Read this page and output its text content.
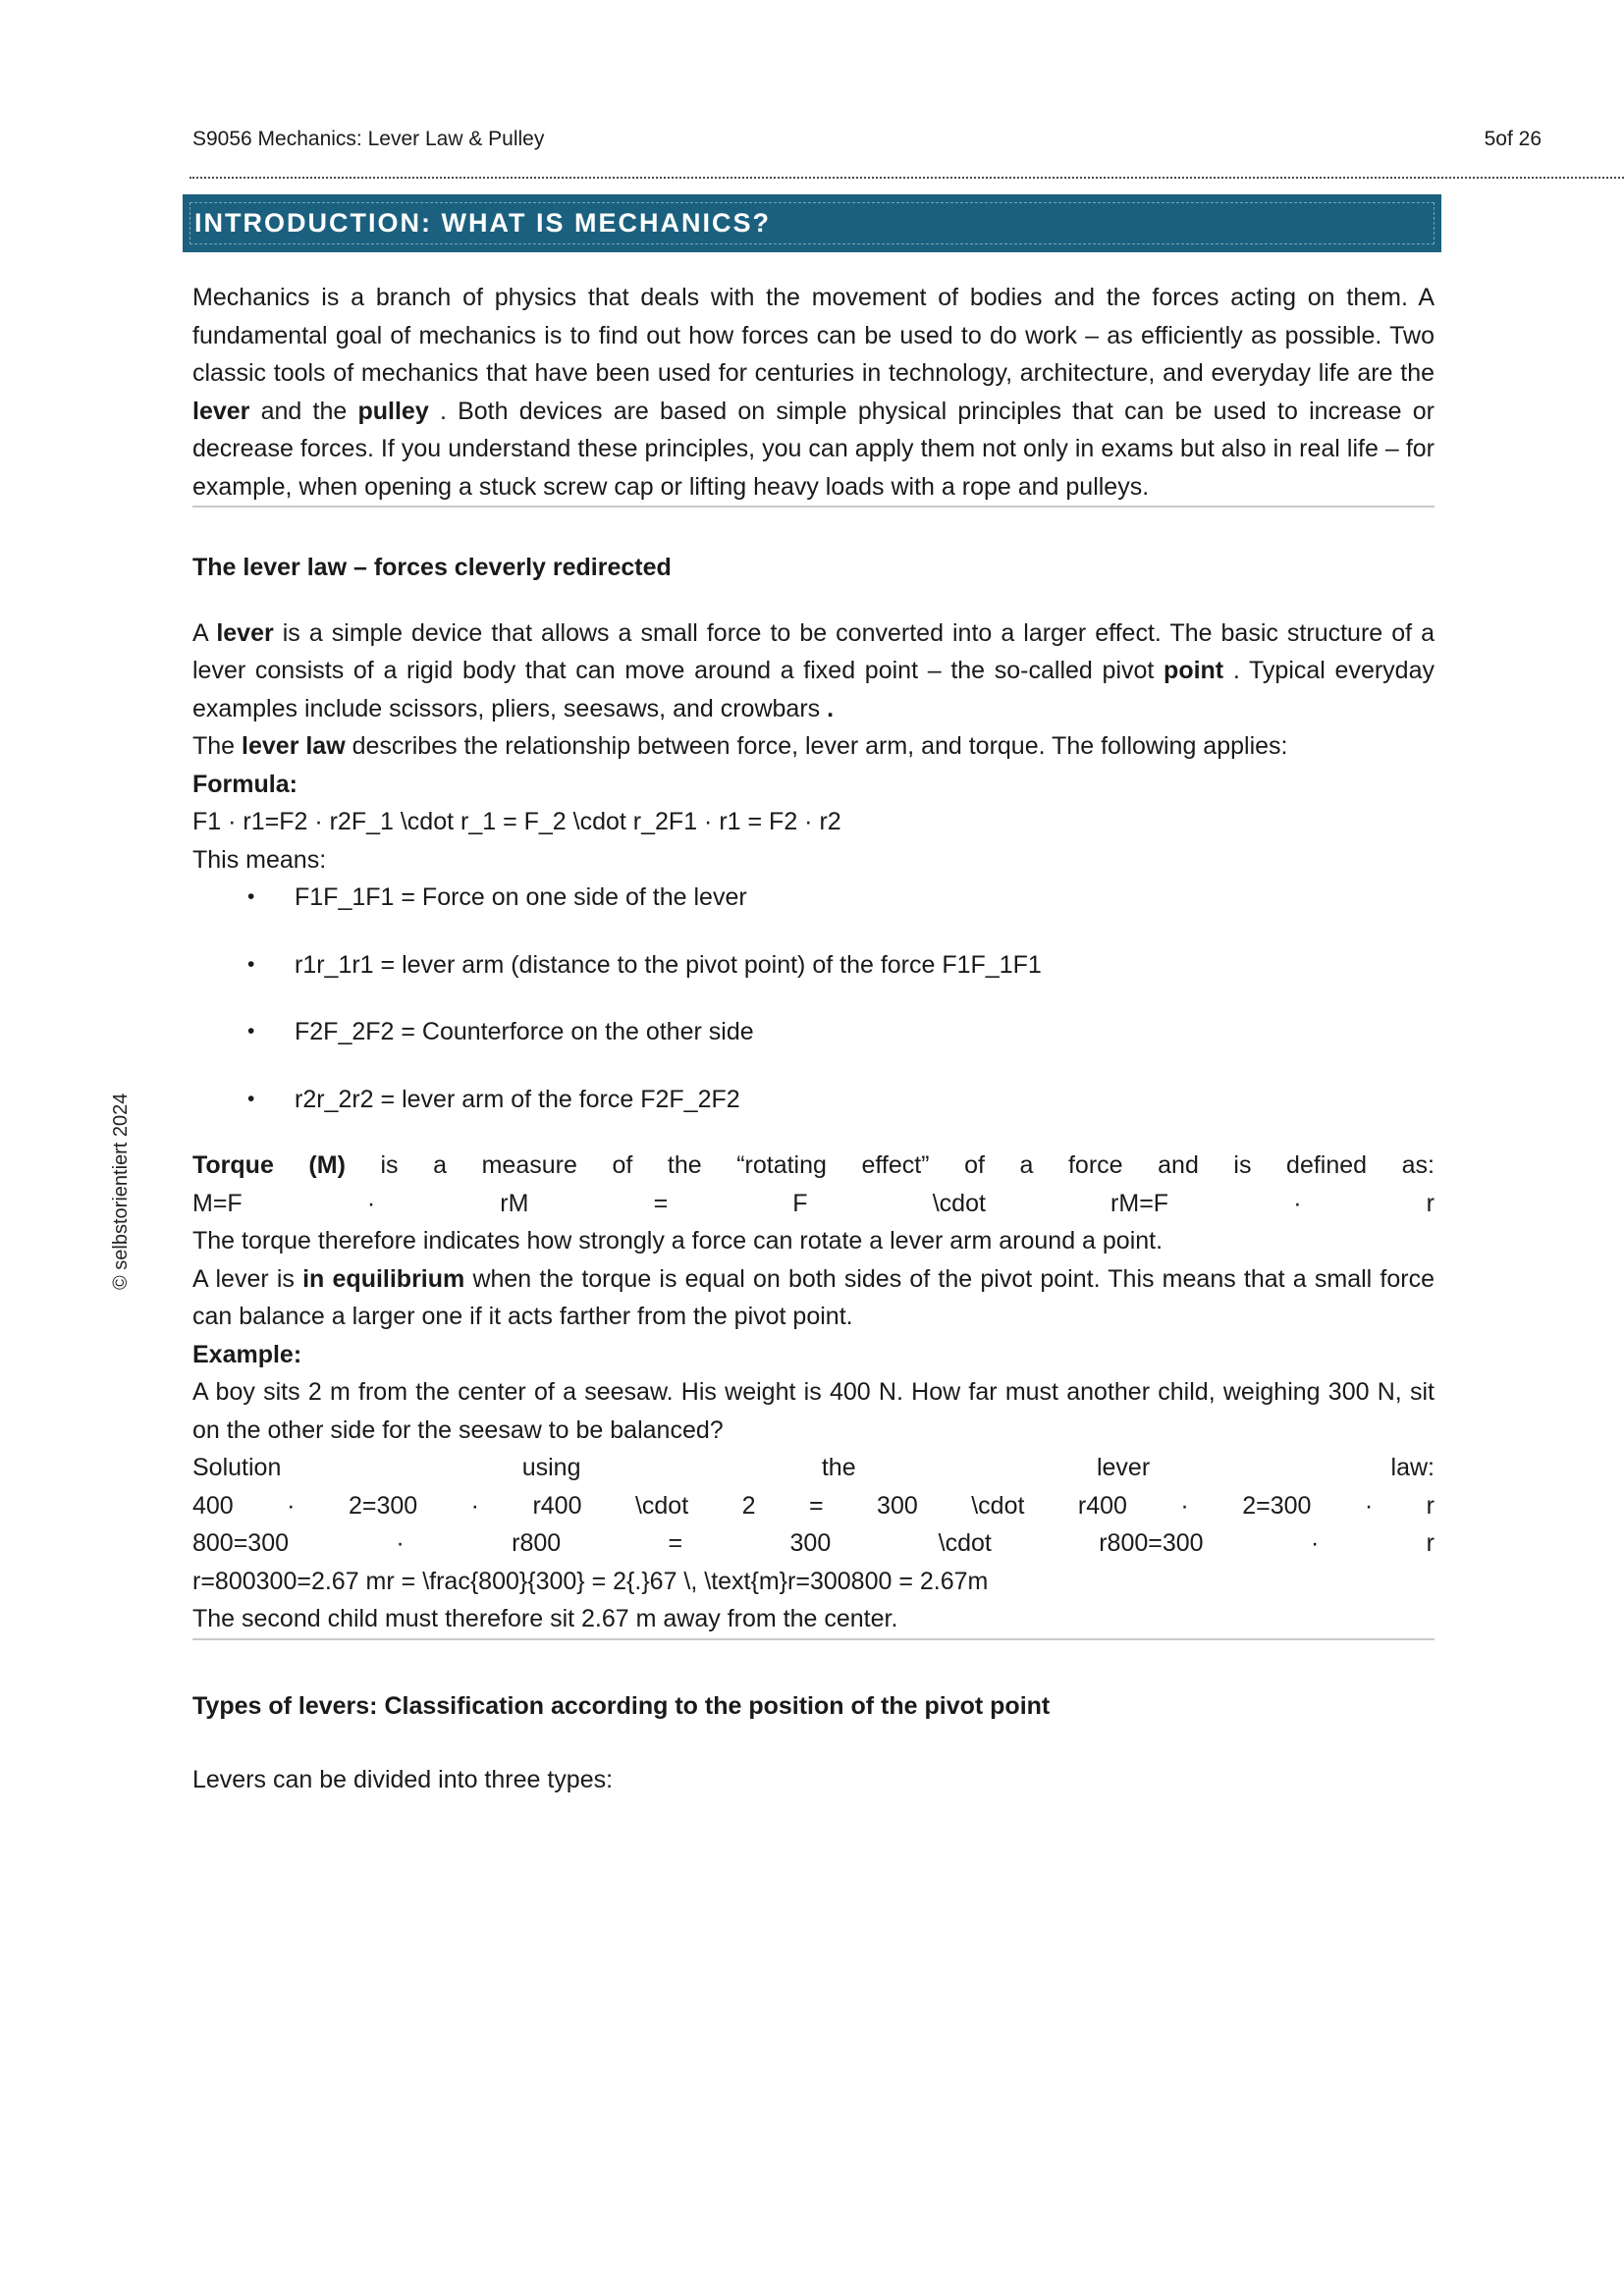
© selbstorientiert 2024
S9056 Mechanics: Lever Law & Pulley	5of 26
INTRODUCTION: WHAT IS MECHANICS?

Mechanics is a branch of physics that deals with the movement of bodies and the forces acting on them. A fundamental goal of mechanics is to find out how forces can be used to do work – as efficiently as possible. Two classic tools of mechanics that have been used for centuries in technology, architecture, and everyday life are the lever and the pulley . Both devices are based on simple physical principles that can be used to increase or decrease forces. If you understand these principles, you can apply them not only in exams but also in real life – for example, when opening a stuck screw cap or lifting heavy loads with a rope and pulleys.

The lever law – forces cleverly redirected

A lever is a simple device that allows a small force to be converted into a larger effect. The basic structure of a lever consists of a rigid body that can move around a fixed point – the so-called pivot point . Typical everyday examples include scissors, pliers, seesaws, and crowbars .

The lever law describes the relationship between force, lever arm, and torque. The following applies:

Formula:
F1 · r1=F2 · r2F_1 \cdot r_1 = F_2 \cdot r_2F1 · r1 = F2 · r2

This means:

• F1F_1F1 = Force on one side of the lever
• r1r_1r1 = lever arm (distance to the pivot point) of the force F1F_1F1
• F2F_2F2 = Counterforce on the other side
• r2r_2r2 = lever arm of the force F2F_2F2
Torque (M) is a measure of the “rotating effect” of a force and is defined as:
M=F · rM = F \cdot rM=F · r
The torque therefore indicates how strongly a force can rotate a lever arm around a point.

A lever is in equilibrium when the torque is equal on both sides of the pivot point. This means that a small force can balance a larger one if it acts farther from the pivot point.

Example:
A boy sits 2 m from the center of a seesaw. His weight is 400 N. How far must another child, weighing 300 N, sit on the other side for the seesaw to be balanced?
Solution using the lever law:
400 · 2=300 · r400 \cdot 2 = 300 \cdot r400 · 2=300 · r
800=300 · r800 = 300 \cdot r800=300 · r
r=800300=2.67 mr = \frac{800}{300} = 2{.}67 \, \text{m}r=300800 = 2.67m

The second child must therefore sit 2.67 m away from the center.

Types of levers: Classification according to the position of the pivot point

Levers can be divided into three types:
